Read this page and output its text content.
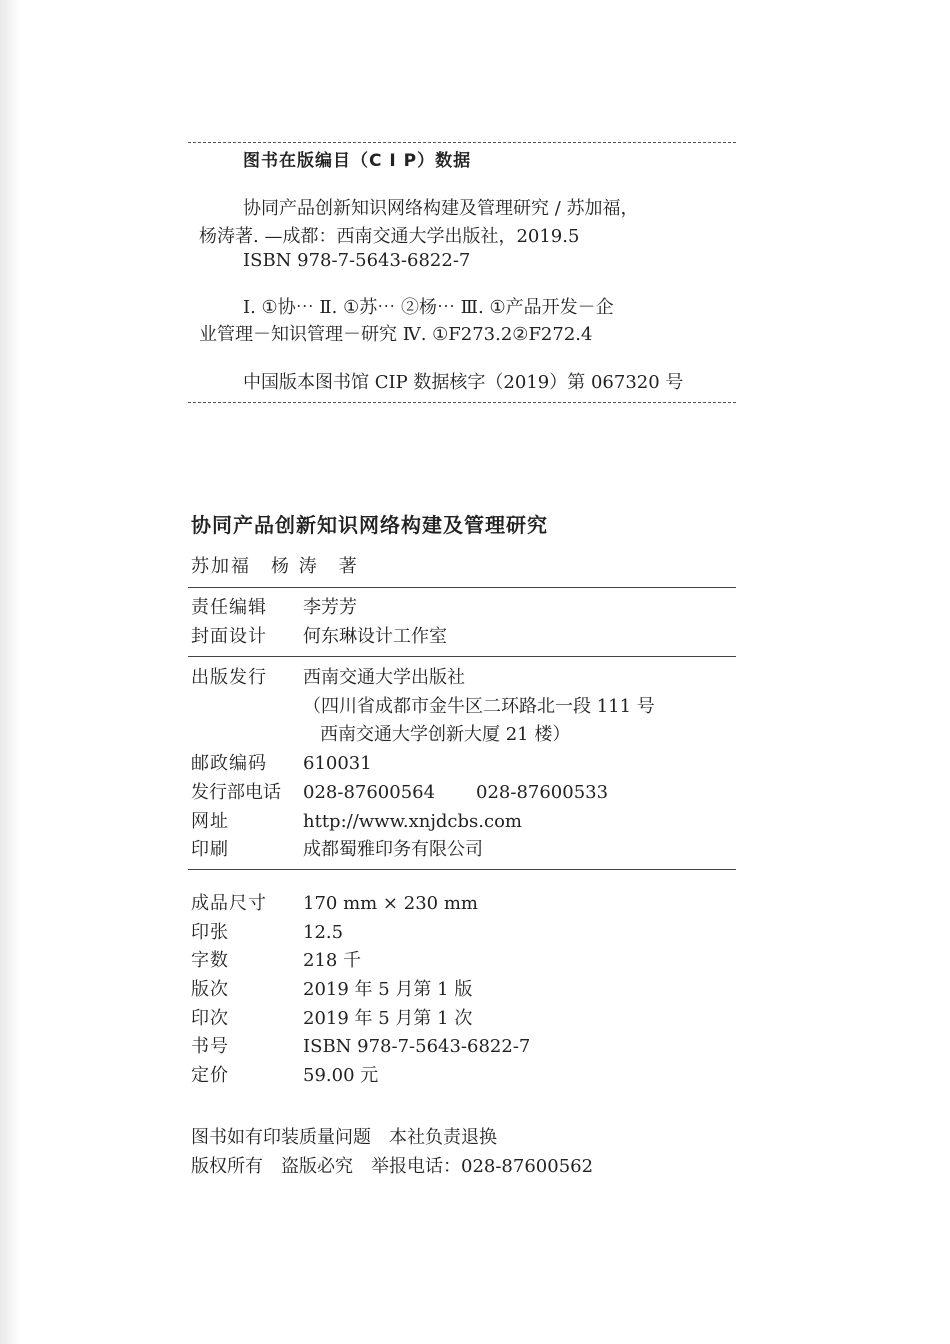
图书在版编目（C I P）数据
协同产品创新知识网络构建及管理研究 / 苏加福，
杨涛著. —成都：西南交通大学出版社，2019.5
ISBN 978-7-5643-6822-7
Ⅰ. ①协⋯ Ⅱ. ①苏⋯ ②杨⋯ Ⅲ. ①产品开发－企
业管理－知识管理－研究 Ⅳ. ①F273.2②F272.4
中国版本图书馆 CIP 数据核字（2019）第 067320 号
协同产品创新知识网络构建及管理研究
苏加福　杨 涛　著
责任编辑 李芳芳
封面设计 何东琳设计工作室
出版发行 西南交通大学出版社
（四川省成都市金牛区二环路北一段 111 号
西南交通大学创新大厦 21 楼）
邮政编码 610031
发行部电话 028-87600564 028-87600533
网址	http://www.xnjdcbs.com
印刷	成都蜀雅印务有限公司
成品尺寸 170 mm × 230 mm
印张	12.5
字数	218 千
版次	2019 年 5 月第 1 版
印次	2019 年 5 月第 1 次
书号	ISBN 978-7-5643-6822-7
定价	59.00 元
图书如有印装质量问题　本社负责退换
版权所有　盗版必究　举报电话：028-87600562
